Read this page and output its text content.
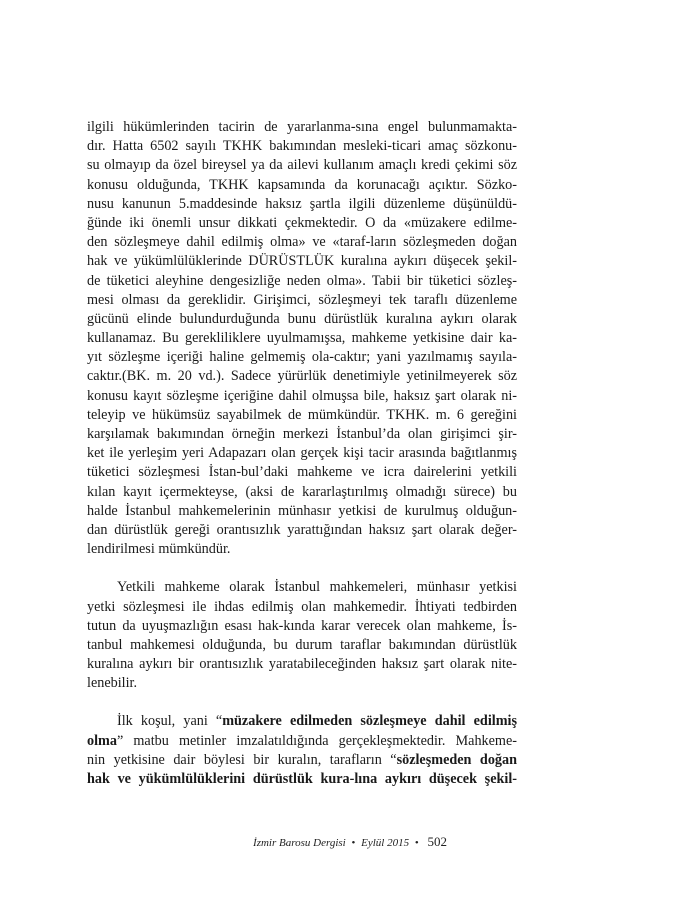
ilgili hükümlerinden tacirin de yararlanma-sına engel bulunmamakta-
dır. Hatta 6502 sayılı TKHK bakımından mesleki-ticari amaç sözkonu-
su olmayıp da özel bireysel ya da ailevi kullanım amaçlı kredi çekimi söz
konusu olduğunda, TKHK kapsamında da korunacağı açıktır. Sözko-
nusu kanunun 5.maddesinde haksız şartla ilgili düzenleme düşünüldü-
ğünde iki önemli unsur dikkati çekmektedir. O da «müzakere edilme-
den sözleşmeye dahil edilmiş olma» ve «taraf-ların sözleşmeden doğan
hak ve yükümlülüklerinde DÜRÜSTLÜK kuralına aykırı düşecek şekil-
de tüketici aleyhine dengesizliğe neden olma». Tabii bir tüketici sözleş-
mesi olması da gereklidir. Girişimci, sözleşmeyi tek taraflı düzenleme
gücünü elinde bulundurduğunda bunu dürüstlük kuralına aykırı olarak
kullanamaz. Bu gerekliliklere uyulmamışsa, mahkeme yetkisine dair ka-
yıt sözleşme içeriği haline gelmemiş ola-caktır; yani yazılmamış sayıla-
caktır.(BK. m. 20 vd.). Sadece yürürlük denetimiyle yetinilmeyerek söz
konusu kayıt sözleşme içeriğine dahil olmuşsa bile, haksız şart olarak ni-
teleyip ve hükümsüz sayabilmek de mümkündür. TKHK. m. 6 gereğini
karşılamak bakımından örneğin merkezi İstanbul’da olan girişimci şir-
ket ile yerleşim yeri Adapazarı olan gerçek kişi tacir arasında bağıtlanmış
tüketici sözleşmesi İstan-bul’daki mahkeme ve icra dairelerini yetkili
kılan kayıt içermekteyse, (aksi de kararlaştırılmış olmadığı sürece) bu
halde İstanbul mahkemelerinin münhasır yetkisi de kurulmuş olduğun-
dan dürüstlük gereği orantısızlık yarattığından haksız şart olarak değer-
lendirilmesi mümkündür.
Yetkili mahkeme olarak İstanbul mahkemeleri, münhasır yetkisi
yetki sözleşmesi ile ihdas edilmiş olan mahkemedir. İhtiyati tedbirden
tutun da uyuşmazlığın esası hak-kında karar verecek olan mahkeme, İs-
tanbul mahkemesi olduğunda, bu durum taraflar bakımından dürüstlük
kuralına aykırı bir orantısızlık yaratabileceğinden haksız şart olarak nite-
lenebilir.
İlk koşul, yani “müzakere edilmeden sözleşmeye dahil edilmiş
olma” matbu metinler imzalatıldığında gerçekleşmektedir. Mahkeme-
nin yetkisine dair böylesi bir kuralın, tarafların “sözleşmeden doğan
hak ve yükümlülüklerini dürüstlük kura-lına aykırı düşecek şekil-
İzmir Barosu Dergisi • Eylül 2015 • 502
